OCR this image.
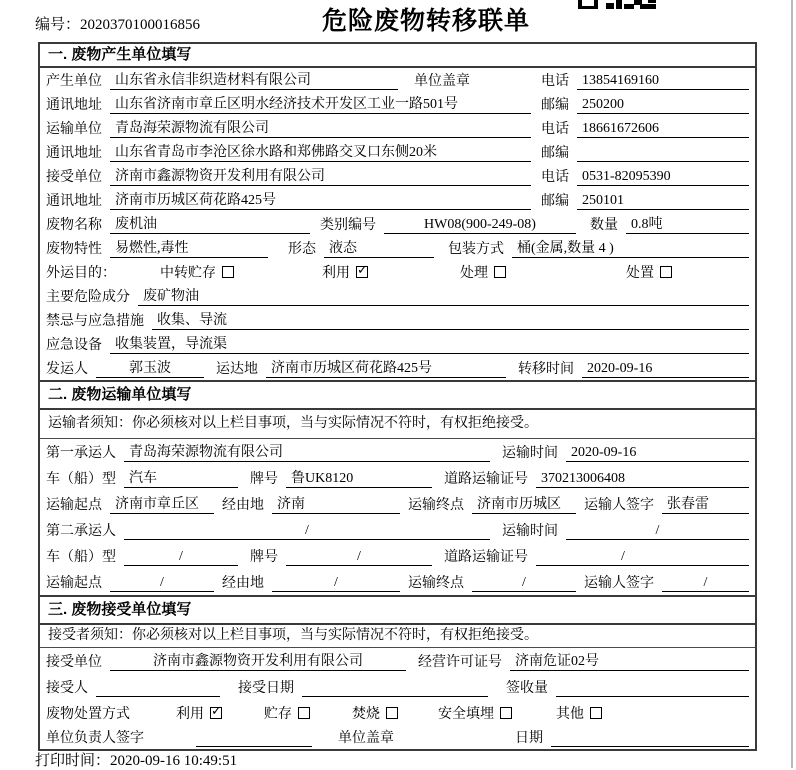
编号：2020370100016856	危险废物转移联单
一. 废物产生单位填写
产生单位 山东省永信非织造材料有限公司	单位盖章	电话 13854169160
通讯地址 山东省济南市章丘区明水经济技术开发区工业一路501号	邮编 250200
运输单位 青岛海荣源物流有限公司	电话 18661672606
通讯地址 山东省青岛市李沧区徐水路和郑佛路交叉口东侧20米	邮编
接受单位 济南市鑫源物资开发利用有限公司	电话 0531-82095390
通讯地址 济南市历城区荷花路425号	邮编 250101
废物名称 废机油	类别编号	HW08(900-249-08)	数量 0.8吨
废物特性 易燃性,毒性	形态 液态	包装方式 桶(金属,数量 4 )
外运目的：	中转贮存	利用 ✓	处理	处置
主要危险成分 废矿物油
禁忌与应急措施 收集、导流
应急设备 收集装置，导流渠
发运人	郭玉波	运达地 济南市历城区荷花路425号	转移时间 2020-09-16
二. 废物运输单位填写
运输者须知：你必须核对以上栏目事项，当与实际情况不符时，有权拒绝接受。
第一承运人 青岛海荣源物流有限公司	运输时间 2020-09-16
车（船）型 汽车	牌号 鲁UK8120	道路运输证号 370213006408
运输起点 济南市章丘区	经由地 济南	运输终点 济南市历城区	运输人签字 张春雷
第二承运人	/	运输时间	/
车（船）型	/	牌号	/	道路运输证号	/
运输起点	/	经由地	/	运输终点	/	运输人签字	/
三. 废物接受单位填写
接受者须知：你必须核对以上栏目事项，当与实际情况不符时，有权拒绝接受。
接受单位	济南市鑫源物资开发利用有限公司	经营许可证号 济南危证02号
接受人	接受日期	签收量
废物处置方式	利用 ✓	贮存	焚烧	安全填埋	其他
单位负责人签字	单位盖章	日期
打印时间：2020-09-16 10:49:51
